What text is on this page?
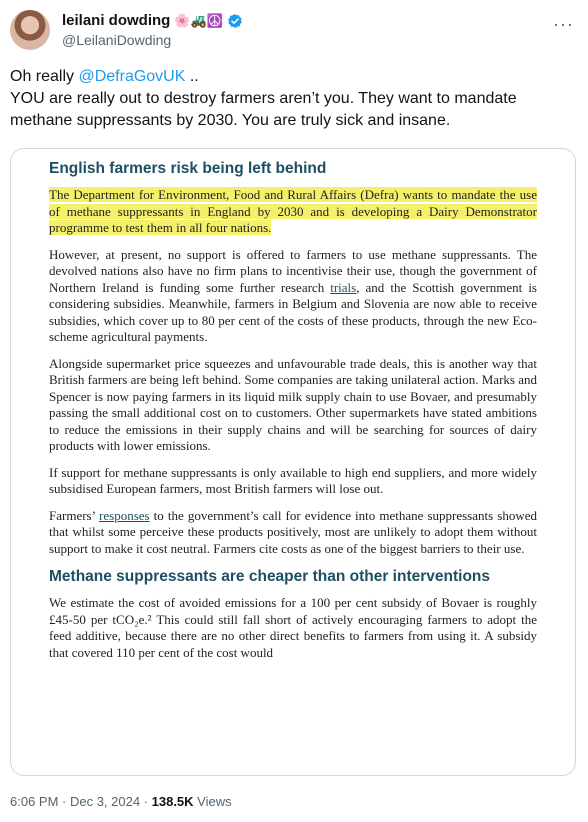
leilani dowding 🌸🚜☮️
@LeilaniDowding
···
Oh really @DefraGovUK ..
YOU are really out to destroy farmers aren’t you. They want to mandate methane suppressants by 2030. You are truly sick and insane.
English farmers risk being left behind

The Department for Environment, Food and Rural Affairs (Defra) wants to mandate the use of methane suppressants in England by 2030 and is developing a Dairy Demonstrator programme to test them in all four nations.

However, at present, no support is offered to farmers to use methane suppressants. The devolved nations also have no firm plans to incentivise their use, though the government of Northern Ireland is funding some further research trials, and the Scottish government is considering subsidies. Meanwhile, farmers in Belgium and Slovenia are now able to receive subsidies, which cover up to 80 per cent of the costs of these products, through the new Eco-scheme agricultural payments.

Alongside supermarket price squeezes and unfavourable trade deals, this is another way that British farmers are being left behind. Some companies are taking unilateral action. Marks and Spencer is now paying farmers in its liquid milk supply chain to use Bovaer, and presumably passing the small additional cost on to customers. Other supermarkets have stated ambitions to reduce the emissions in their supply chains and will be searching for sources of dairy products with lower emissions.

If support for methane suppressants is only available to high end suppliers, and more widely subsidised European farmers, most British farmers will lose out.

Farmers’ responses to the government’s call for evidence into methane suppressants showed that whilst some perceive these products positively, most are unlikely to adopt them without support to make it cost neutral. Farmers cite costs as one of the biggest barriers to their use.

Methane suppressants are cheaper than other interventions

We estimate the cost of avoided emissions for a 100 per cent subsidy of Bovaer is roughly £45-50 per tCO₂e.² This could still fall short of actively encouraging farmers to adopt the feed additive, because there are no other direct benefits to farmers from using it. A subsidy that covered 110 per cent of the cost would

6:06 PM · Dec 3, 2024 · 138.5K Views
